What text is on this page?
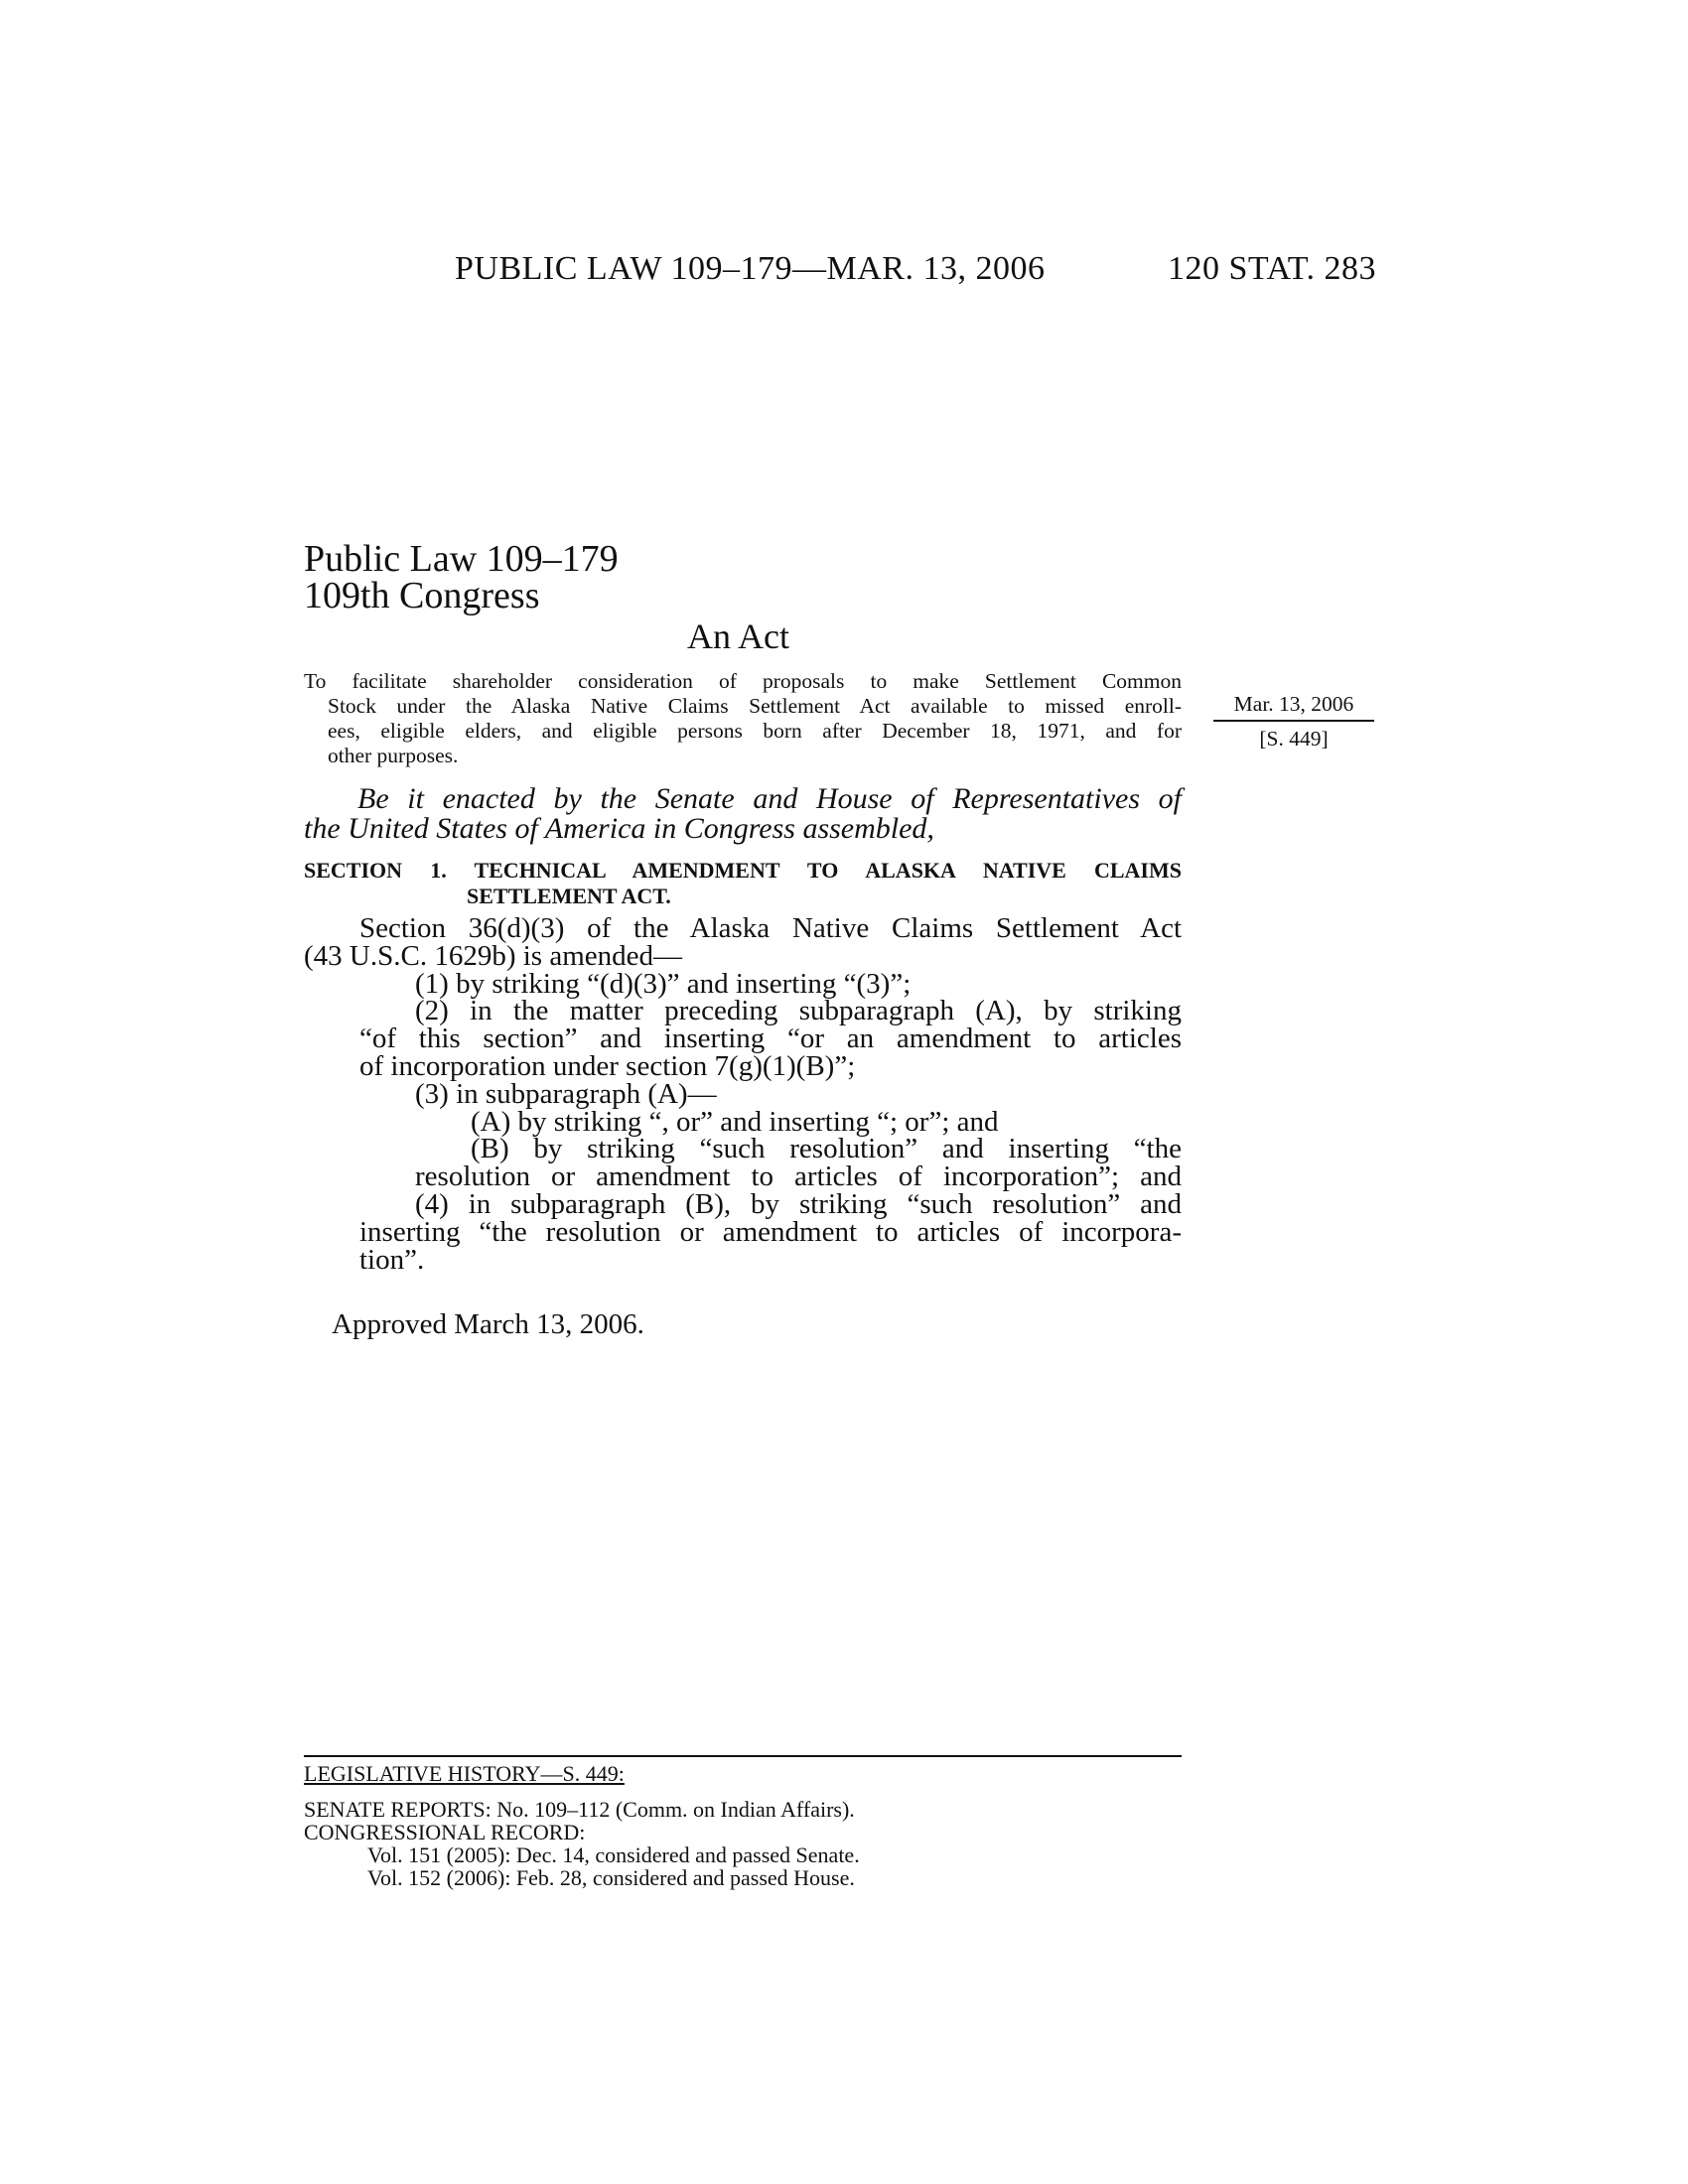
PUBLIC LAW 109–179—MAR. 13, 2006	120 STAT. 283
Public Law 109–179
109th Congress
An Act
To facilitate shareholder consideration of proposals to make Settlement Common
Stock under the Alaska Native Claims Settlement Act available to missed enroll-
ees, eligible elders, and eligible persons born after December 18, 1971, and for
other purposes.
Mar. 13, 2006
[S. 449]
Be it enacted by the Senate and House of Representatives of
the United States of America in Congress assembled,
SECTION 1. TECHNICAL AMENDMENT TO ALASKA NATIVE CLAIMS
SETTLEMENT ACT.
Section 36(d)(3) of the Alaska Native Claims Settlement Act
(43 U.S.C. 1629b) is amended—
(1) by striking “(d)(3)” and inserting “(3)”;
(2) in the matter preceding subparagraph (A), by striking
“of this section” and inserting “or an amendment to articles
of incorporation under section 7(g)(1)(B)”;
(3) in subparagraph (A)—
(A) by striking “, or” and inserting “; or”; and
(B) by striking “such resolution” and inserting “the
resolution or amendment to articles of incorporation”; and
(4) in subparagraph (B), by striking “such resolution” and
inserting “the resolution or amendment to articles of incorpora-
tion”.
Approved March 13, 2006.
LEGISLATIVE HISTORY—S. 449:
SENATE REPORTS: No. 109–112 (Comm. on Indian Affairs).
CONGRESSIONAL RECORD:
Vol. 151 (2005): Dec. 14, considered and passed Senate.
Vol. 152 (2006): Feb. 28, considered and passed House.
